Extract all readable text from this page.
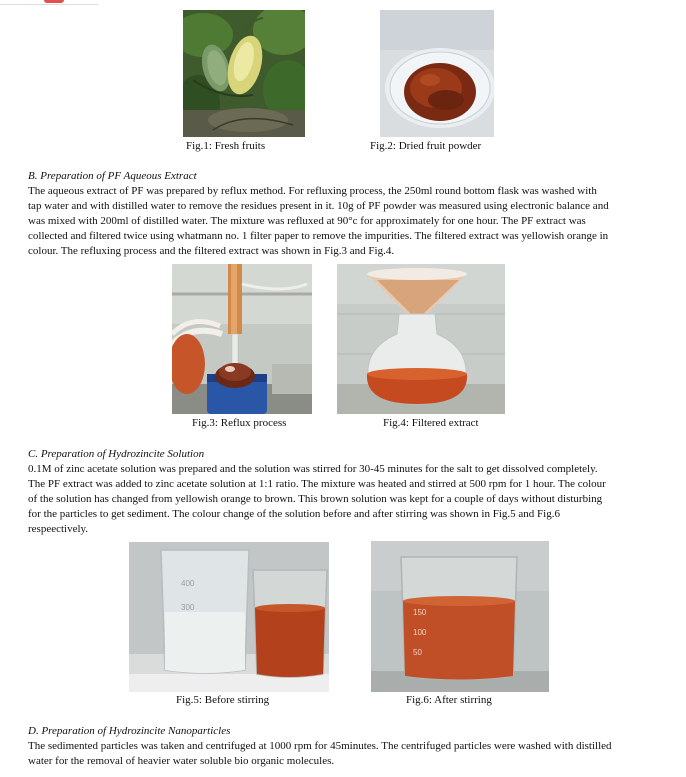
Fig.1: Fresh fruits	Fig.2: Dried fruit powder
B. Preparation of PF Aqueous Extract
The aqueous extract of PF was prepared by reflux method. For refluxing process, the 250ml round bottom flask was washed with
tap water and with distilled water to remove the residues present in it. 10g of PF powder was measured using electronic balance and
was mixed with 200ml of distilled water. The mixture was refluxed at 90°c for approximately for one hour. The PF extract was
collected and filtered twice using whatmann no. 1 filter paper to remove the impurities. The filtered extract was yellowish orange in
colour. The refluxing process and the filtered extract was shown in Fig.3 and Fig.4.
Fig.3: Reflux process	Fig.4: Filtered extract
C. Preparation of Hydrozincite Solution
0.1M of zinc acetate solution was prepared and the solution was stirred for 30-45 minutes for the salt to get dissolved completely.
The PF extract was added to zinc acetate solution at 1:1 ratio. The mixture was heated and stirred at 500 rpm for 1 hour. The colour
of the solution has changed from yellowish orange to brown. This brown solution was kept for a couple of days without disturbing
for the particles to get sediment. The colour change of the solution before and after stirring was shown in Fig.5 and Fig.6
respeectively.
400
300
150
100
50
Fig.5: Before stirring	Fig.6: After stirring
D. Preparation of Hydrozincite Nanoparticles
The sedimented particles was taken and centrifuged at 1000 rpm for 45minutes. The centrifuged particles were washed with distilled
water for the removal of heavier water soluble bio organic molecules.
